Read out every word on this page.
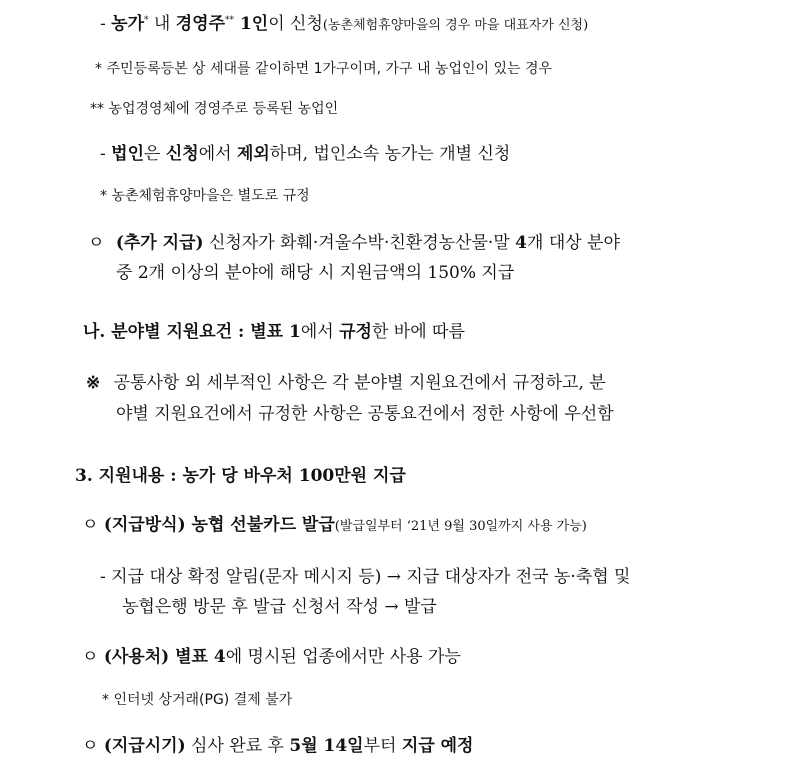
- 농가* 내 경영주** 1인이 신청(농촌체험휴양마을의 경우 마을 대표자가 신청)
* 주민등록등본 상 세대를 같이하면 1가구이며, 가구 내 농업인이 있는 경우
** 농업경영체에 경영주로 등록된 농업인
- 법인은 신청에서 제외하며, 법인소속 농가는 개별 신청
* 농촌체험휴양마을은 별도로 규정
ㅇ (추가 지급) 신청자가 화훼·겨울수박·친환경농산물·말 4개 대상 분야
중 2개 이상의 분야에 해당 시 지원금액의 150% 지급
나. 분야별 지원요건 : 별표 1에서 규정한 바에 따름
※ 공통사항 외 세부적인 사항은 각 분야별 지원요건에서 규정하고, 분
야별 지원요건에서 규정한 사항은 공통요건에서 정한 사항에 우선함
3. 지원내용 : 농가 당 바우처 100만원 지급
ㅇ (지급방식) 농협 선불카드 발급(발급일부터 ‘21년 9월 30일까지 사용 가능)
- 지급 대상 확정 알림(문자 메시지 등) → 지급 대상자가 전국 농·축협 및
농협은행 방문 후 발급 신청서 작성 → 발급
ㅇ (사용처) 별표 4에 명시된 업종에서만 사용 가능
* 인터넷 상거래(PG) 결제 불가
ㅇ (지급시기) 심사 완료 후 5월 14일부터 지급 예정
